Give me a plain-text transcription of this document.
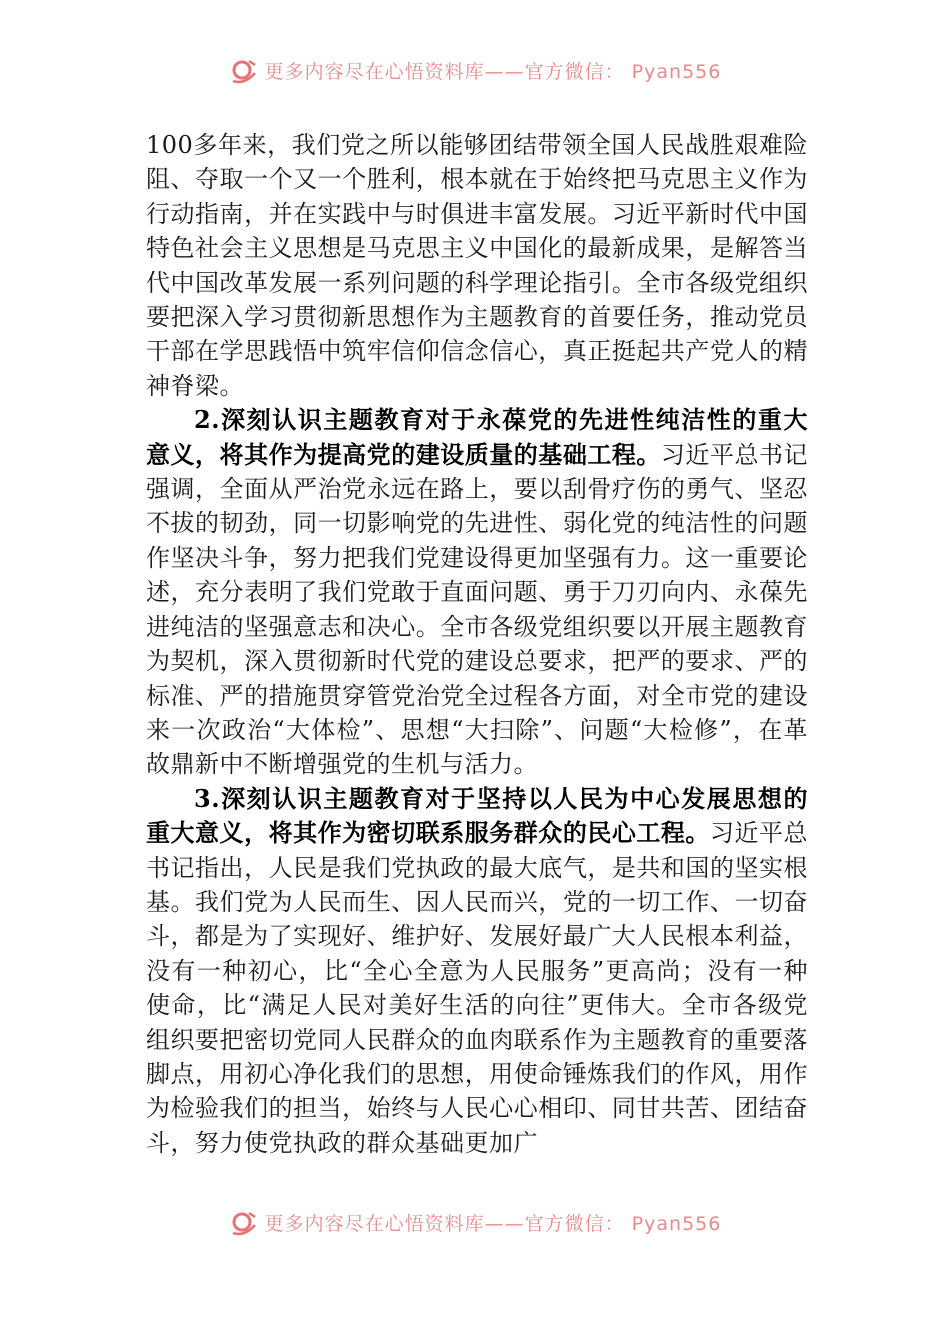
更多内容尽在心悟资料库——官方微信： Pyan556

100多年来，我们党之所以能够团结带领全国人民战胜艰难险阻、夺取一个又一个胜利，根本就在于始终把马克思主义作为行动指南，并在实践中与时俱进丰富发展。习近平新时代中国特色社会主义思想是马克思主义中国化的最新成果，是解答当代中国改革发展一系列问题的科学理论指引。全市各级党组织要把深入学习贯彻新思想作为主题教育的首要任务，推动党员干部在学思践悟中筑牢信仰信念信心，真正挺起共产党人的精神脊梁。

2.深刻认识主题教育对于永葆党的先进性纯洁性的重大意义，将其作为提高党的建设质量的基础工程。习近平总书记强调，全面从严治党永远在路上，要以刮骨疗伤的勇气、坚忍不拔的韧劲，同一切影响党的先进性、弱化党的纯洁性的问题作坚决斗争，努力把我们党建设得更加坚强有力。这一重要论述，充分表明了我们党敢于直面问题、勇于刀刃向内、永葆先进纯洁的坚强意志和决心。全市各级党组织要以开展主题教育为契机，深入贯彻新时代党的建设总要求，把严的要求、严的标准、严的措施贯穿管党治党全过程各方面，对全市党的建设来一次政治“大体检”、思想“大扫除”、问题“大检修”，在革故鼎新中不断增强党的生机与活力。

3.深刻认识主题教育对于坚持以人民为中心发展思想的重大意义，将其作为密切联系服务群众的民心工程。习近平总书记指出，人民是我们党执政的最大底气，是共和国的坚实根基。我们党为人民而生、因人民而兴，党的一切工作、一切奋斗，都是为了实现好、维护好、发展好最广大人民根本利益，没有一种初心，比“全心全意为人民服务”更高尚；没有一种使命，比“满足人民对美好生活的向往”更伟大。全市各级党组织要把密切党同人民群众的血肉联系作为主题教育的重要落脚点，用初心净化我们的思想，用使命锤炼我们的作风，用作为检验我们的担当，始终与人民心心相印、同甘共苦、团结奋斗，努力使党执政的群众基础更加广

更多内容尽在心悟资料库——官方微信： Pyan556
